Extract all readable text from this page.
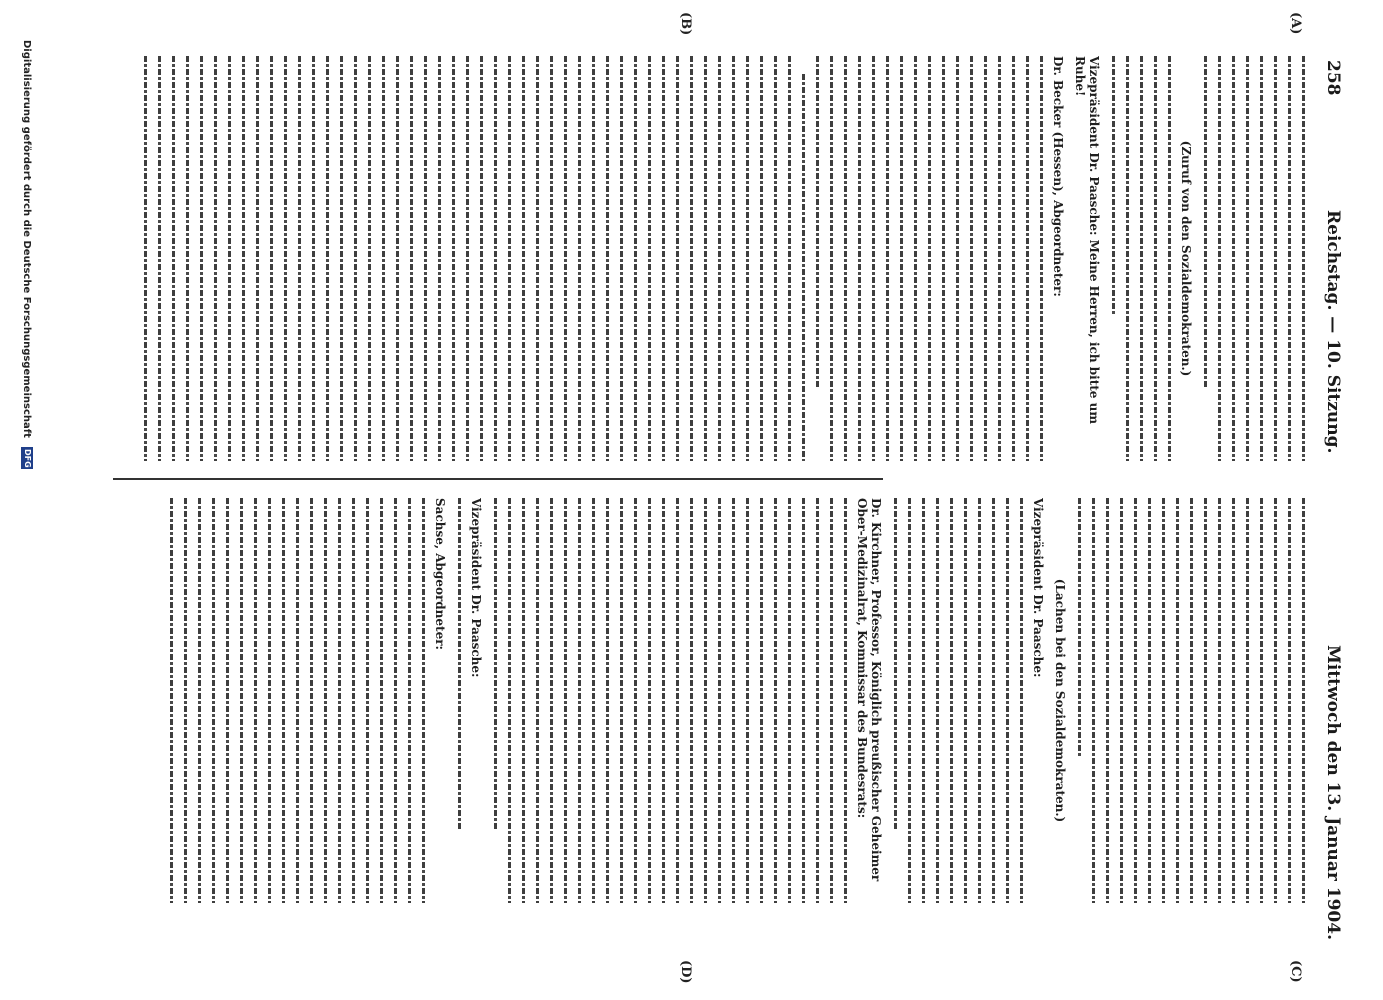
258
Reichstag. — 10. Sitzung.
Mittwoch den 13. Januar 1904.
(A)
(B)
(C)
(D)
(Zuruf von den Sozialdemokraten.)
Vizepräsident Dr. Paasche: Meine Herren, ich bitte um Ruhe!
Dr. Becker (Hessen), Abgeordneter:
(Lachen bei den Sozialdemokraten.)
Vizepräsident Dr. Paasche:
Dr. Kirchner, Professor, Königlich preußischer Geheimer Ober-Medizinalrat, Kommissar des Bundesrats:
Vizepräsident Dr. Paasche:
Sachse, Abgeordneter:
Digitalisierung gefördert durch die Deutsche Forschungsgemeinschaft DFG
